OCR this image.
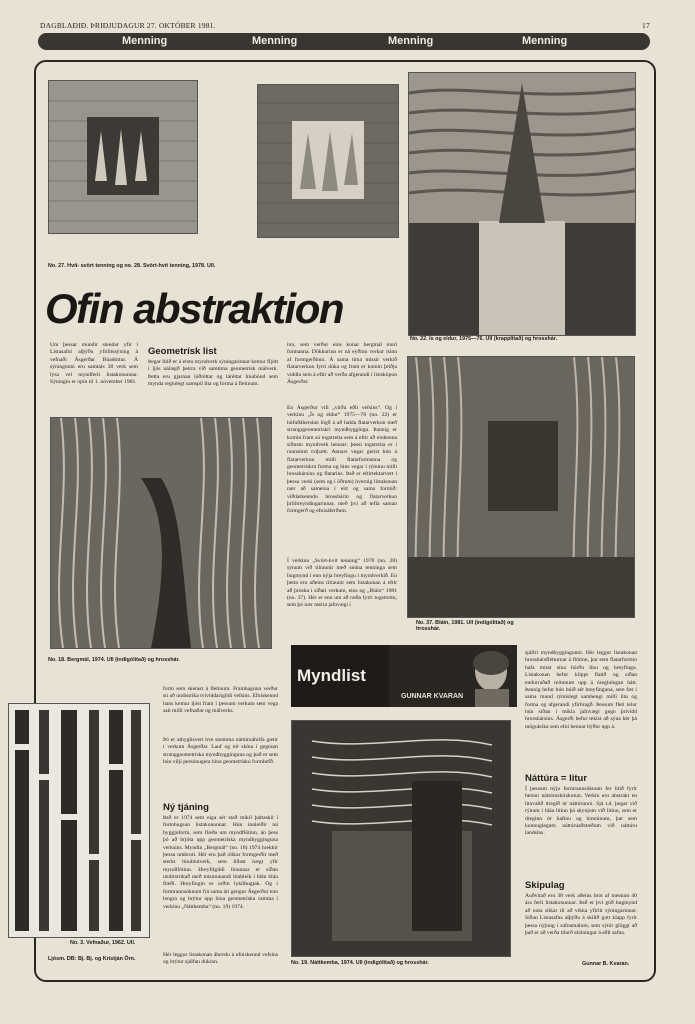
DAGBLAÐIÐ. ÞRIÐJUDAGUR 27. OKTÓBER 1981.	17
Menning	Menning	Menning	Menning
No. 27. Hvít- svört tenning og no. 28. Svört-hvít tenning, 1978. Ull.
No. 22. Ís og eldur, 1975—76. Ull (krapplitað) og hrosshár.
Ofin abstraktion
Um þessar mundir stendur yfir í Listasafni alþýðu yfirlitssýning á vefnaði Ásgerðar Búadóttur. Á sýningunni eru samtals 38 verk sem lýsa vel myndferli listakonunnar. Sýningin er opin til 1. nóvember 1981.
Geometrísk list
Þegar litið er á elstu myndverk sýningarinnar kemur fljótt í ljós nálægð þeirra við samtíma geometrísk málverk. Þetta eru gjarnan lóðréttar og láréttar línubönd sem mynda reglulegt samspil lita og forma á fletinum.
inn, sem verður eins konar bergmál innri formanna. Dökkurinn er ná eyðinn verkur ísinn af formgerðinni. Á sama tíma missir verkið flatarverkun fyrri dúka og fram er komin þriðja víddin sem á eftir að verða afgerandi í listsköpun Ásgerðar.
En Ásgerður vill „virða eðli vefsins“. Og í verkinu „Ís og eldur“ 1975—76 (no. 22) er höfuðáherslan lögð á að halda flatarverkun með strangrgeometrískri myndbyggingu. Þannig er komin fram sú togstreita sem á eftir að einkenna síðustu myndverk hennar: þessi togstreita er í raunsinni tvíþætt. Annars vegar gerist hún á flatarverkun milli flatarformanna og geometrískra forma og hins vegar í rýminu milli hrosshársins og flatarins. Það er eftirtektarvert í þessu verki (sem og í öðrum) hvernig listakonan nær að sameina í eitt og sama formið: viðdarkenndu hrosshárin og flatarverkun þrílitreyndingarinnar, með því að tefla saman formgerð og efnisáferðum.
Í verkinu „Svört-hvít tenning“ 1978 (no. 28) sýnum við tilraunir með snúna tenninga sem hugmynd í enn nýja hreyfingu í myndverkið. En þetta eru aðeins tilraunir sem listakonan á eftir að þroska í síðari verkum, eins og „Bláin“ 1981 (no. 37). Hér er enn um að ræða fyrri togstreitu, sem þó nær meira jafnvægi í
No. 18. Bergmál, 1974. Ull (indigólitað) og hrosshár.
No. 37. Bláin, 1981. Ull (indigólitað) og hrosshár.
No. 3. Vefnaður, 1962. Ull.
Ljósm. DB: Bj. Bj. og Kristján Örn.
form sem skerast á fletinum. Framhaguna verður sú að undistríka tvíviddarígildi vefsins. Efniskennd hans kemur ljóst fram í þessum verkum sem vega salt milli vefnaðar og málverks.
Þó er athyglisvert hve snemma náttúruáhrifa gætir í verkum Ásgerðar. Lauf og tré skína í gegnum stranggeometríska myndbygginguna og það er sem hún vilji persónugera hina geometrísku formhefð.
Ný tjáning
Það er 1974 sem eiga sér stað mikil þáttaskil í formhugsun listakonunnar. Hún innleiðir nú byggjuform, sem flæða um myndflötinn, án þess þó að brjóta upp geometríska myndbygginguna verksins. Myndin „Bergmál“ (no. 18) 1974 hrekkir þessu umbroti. Hér eru það ólíkar formgerðir með sterkt línuhlutverk, sem liðast hægt yfir myndflötinn. Hreyfilgildi línunnar er síðan undirstrikað með mismunandi litableik í bláu bláu flæði. Hreyfingin er orðin lykilhugtak. Og í formrannsóknum frá sama ári gengur Ásgerður enn lengra og brýtur upp hina geometrísku ramma í verkinu „Náttkemba“ (no. 19) 1974.
Hér leggur listakonan áherslu á efniskennd vefsins og brýtur sjálfan dúkinn.
Myndlist
GUNNAR KVARAN
No. 19. Náttkemba, 1974. Ull (indigólitað) og hrosshár.
sjálfri myndbyggingunni. Hér leggur listakonan hrosshársflétturnar á flötinn, þar sem flatarformin hafa misst sína hörðu línu og hreyfingu. Listakonan hefur klippt flatið og síðan endurraðað reitunum upp á óreglulegan hátt. Þannig hefur hún búið sér hreyfinguna, sem fær í sama mund rýmislegt samhengi milli lita og forma og afgerandi yfirbragð. Þessum fleti telur hún síðan í mikla jafnvægi gegn þrívídd hrosshársins. Ásgerði hefur tekist að sýna hér þá möguleika sem efni hennar býður upp á.
Náttúra = litur
Í þessum nýju formrannsóknum fer litið fyrir beinni náttúruskírskotun. Verkin eru abstrakt en litavalið dregið úr náttúrunni. Sjá t.d. þegar við rýnum í bláa litinn þá skynjum við litinn, sem er dreginn úr hafinu og himninum, þar sem kunnuglegum náttúruaðstæðum við náttúru landsins.
Skipulag
Auðvitað eru 38 verk aðeins brot af mestum 40 ára ferli listakonunnar. Það er því góð hugmynd að nota slíkar til að vikka yfirlit sýningarinnar. Síðan Listasafns alþýðu á skilið gott klapp fyrir þessa nýjung í safnamálum, sem sýnir glöggt að það er að verða tilurð skilningur á eðli safna.
Gunnar B. Kvaran.
